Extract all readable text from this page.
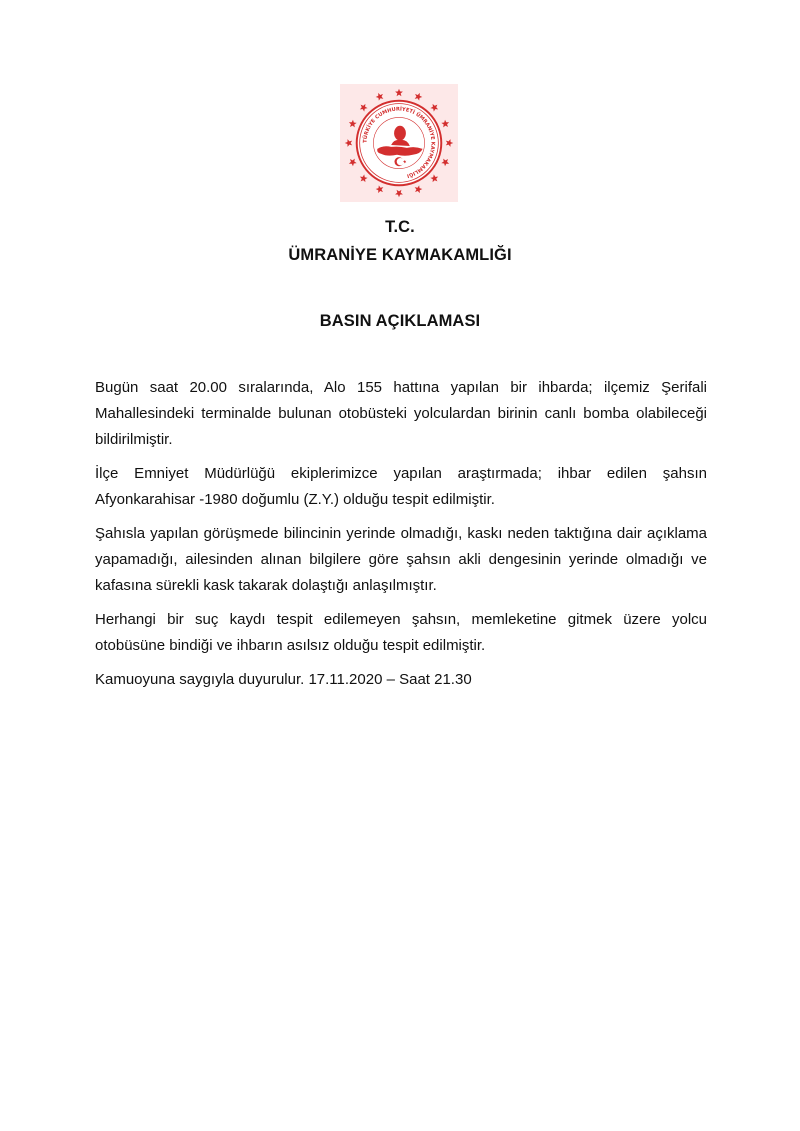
TÜRKİYE CUMHURİYETİ ÜMRANİYE KAYMAKAMLIĞI
T.C.
ÜMRANİYE KAYMAKAMLIĞI
BASIN AÇIKLAMASI

Bugün saat 20.00 sıralarında, Alo 155 hattına yapılan bir ihbarda; ilçemiz Şerifali Mahallesindeki terminalde bulunan otobüsteki yolculardan birinin canlı bomba olabileceği bildirilmiştir.

İlçe Emniyet Müdürlüğü ekiplerimizce yapılan araştırmada; ihbar edilen şahsın Afyonkarahisar -1980 doğumlu (Z.Y.) olduğu tespit edilmiştir.

Şahısla yapılan görüşmede bilincinin yerinde olmadığı, kaskı neden taktığına dair açıklama yapamadığı, ailesinden alınan bilgilere göre şahsın akli dengesinin yerinde olmadığı ve kafasına sürekli kask takarak dolaştığı anlaşılmıştır.

Herhangi bir suç kaydı tespit edilemeyen şahsın, memleketine gitmek üzere yolcu otobüsüne bindiği ve ihbarın asılsız olduğu tespit edilmiştir.

Kamuoyuna saygıyla duyurulur. 17.11.2020 – Saat 21.30
